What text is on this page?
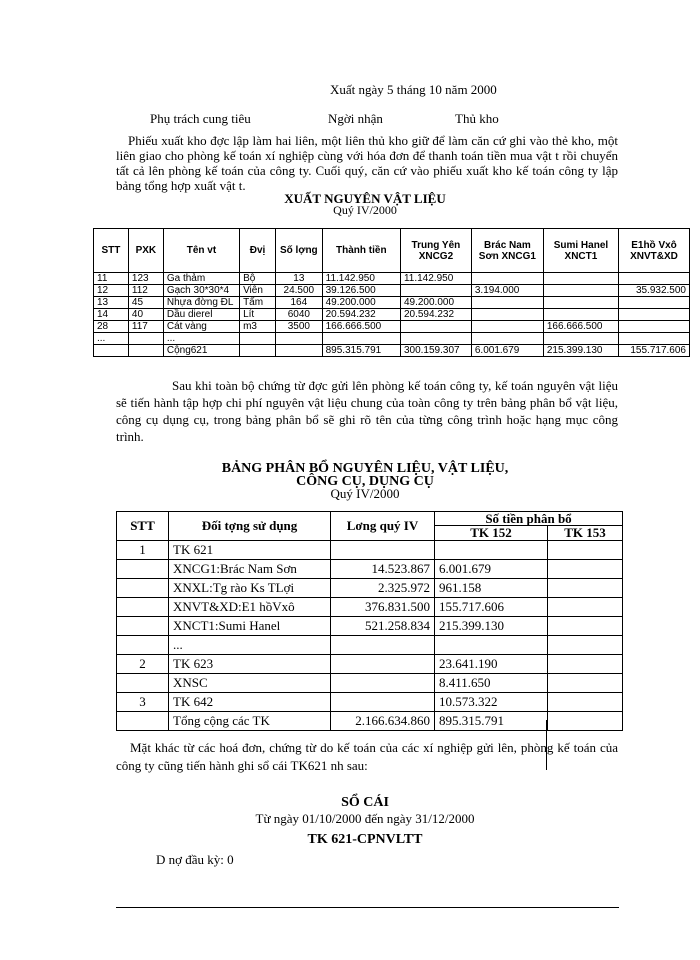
Xuất ngày 5 tháng 10 năm 2000
Phụ trách cung tiêu	Ngời nhận	Thủ kho

Phiếu xuất kho đợc lập làm hai liên, một liên thủ kho giữ để làm căn cứ ghi vào thẻ kho, một liên giao cho phòng kế toán xí nghiệp cùng với hóa đơn để thanh toán tiền mua vật t rồi chuyển tất cả lên phòng kế toán của công ty. Cuối quý, căn cứ vào phiếu xuất kho kế toán công ty lập bảng tổng hợp xuất vật t.

XUẤT NGUYÊN VẬT LIỆU
Quý IV/2000
STT	PXK	Tên vt	Đvị	Số lợng	Thành tiền	Trung Yên XNCG2	Brác Nam Sơn XNCG1	Sumi Hanel XNCT1	E1hồ Vxô XNVT&XD
11	123	Ga thảm	Bộ	13	11.142.950	11.142.950			
12	112	Gạch 30*30*4	Viên	24.500	39.126.500		3.194.000		35.932.500
13	45	Nhựa đờng ĐL	Tấm	164	49.200.000	49.200.000			
14	40	Dầu dierel	Lít	6040	20.594.232	20.594.232			
28	117	Cát vàng	m3	3500	166.666.500			166.666.500	
...		...							
		Cộng621			895.315.791	300.159.307	6.001.679	215.399.130	155.717.606

Sau khi toàn bộ chứng từ đợc gửi lên phòng kế toán công ty, kế toán nguyên vật liệu sẽ tiến hành tập hợp chi phí nguyên vật liệu chung của toàn công ty trên bảng phân bổ vật liệu, công cụ dụng cụ, trong bảng phân bổ sẽ ghi rõ tên của từng công trình hoặc hạng mục công trình.

BẢNG PHÂN BỔ NGUYÊN LIỆU, VẬT LIỆU,
CÔNG CỤ, DỤNG CỤ
Quý IV/2000
STT	Đối tợng sử dụng	Lơng quý IV	Số tiền phân bổ	
			TK 152	TK 153
1	TK 621			
	XNCG1:Brác Nam Sơn	14.523.867	6.001.679	
	XNXL:Tg rào Ks TLợi	2.325.972	961.158	
	XNVT&XD:E1 hồVxô	376.831.500	155.717.606	
	XNCT1:Sumi Hanel	521.258.834	215.399.130	
	...			
2	TK 623		23.641.190	
	XNSC		8.411.650	
3	TK 642		10.573.322	
	Tổng cộng các TK	2.166.634.860	895.315.791	

Mặt khác từ các hoá đơn, chứng từ do kế toán của các xí nghiệp gửi lên, phòng kế toán của công ty cũng tiến hành ghi sổ cái TK621 nh sau:

SỔ CÁI
Từ ngày 01/10/2000 đến ngày 31/12/2000
TK 621-CPNVLTT
D nợ đầu kỳ: 0
